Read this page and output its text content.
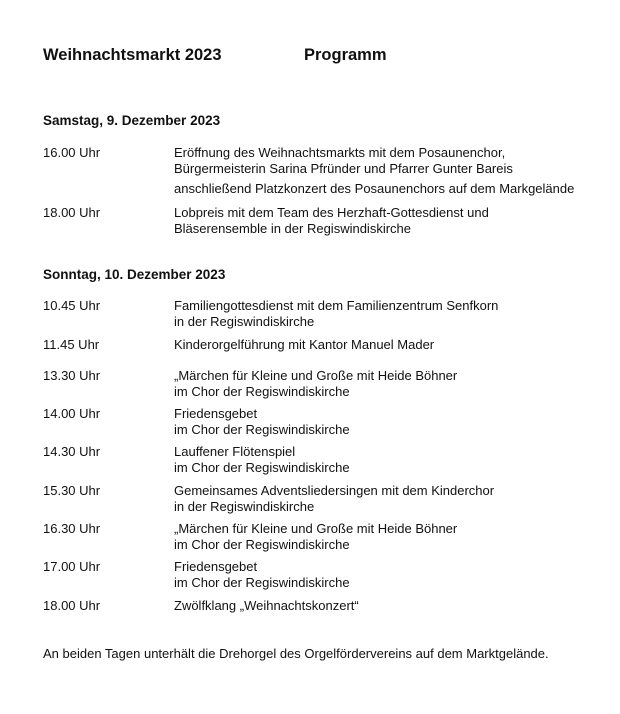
Weihnachtsmarkt 2023	Programm
Samstag, 9. Dezember 2023
16.00 Uhr	Eröffnung des Weihnachtsmarkts mit dem Posaunenchor,
Bürgermeisterin Sarina Pfründer und Pfarrer Gunter Bareis
anschließend Platzkonzert des Posaunenchors auf dem Markgelände
18.00 Uhr	Lobpreis mit dem Team des Herzhaft-Gottesdienst und
Bläserensemble in der Regiswindiskirche
Sonntag, 10. Dezember 2023
10.45 Uhr	Familiengottesdienst mit dem Familienzentrum Senfkorn
in der Regiswindiskirche
11.45 Uhr	Kinderorgelführung mit Kantor Manuel Mader
13.30 Uhr	„Märchen für Kleine und Große mit Heide Böhner
im Chor der Regiswindiskirche
14.00 Uhr	Friedensgebet
im Chor der Regiswindiskirche
14.30 Uhr	Lauffener Flötenspiel
im Chor der Regiswindiskirche
15.30 Uhr	Gemeinsames Adventsliedersingen mit dem Kinderchor
in der Regiswindiskirche
16.30 Uhr	„Märchen für Kleine und Große mit Heide Böhner
im Chor der Regiswindiskirche
17.00 Uhr	Friedensgebet
im Chor der Regiswindiskirche
18.00 Uhr	Zwölfklang „Weihnachtskonzert“
An beiden Tagen unterhält die Drehorgel des Orgelfördervereins auf dem Marktgelände.
